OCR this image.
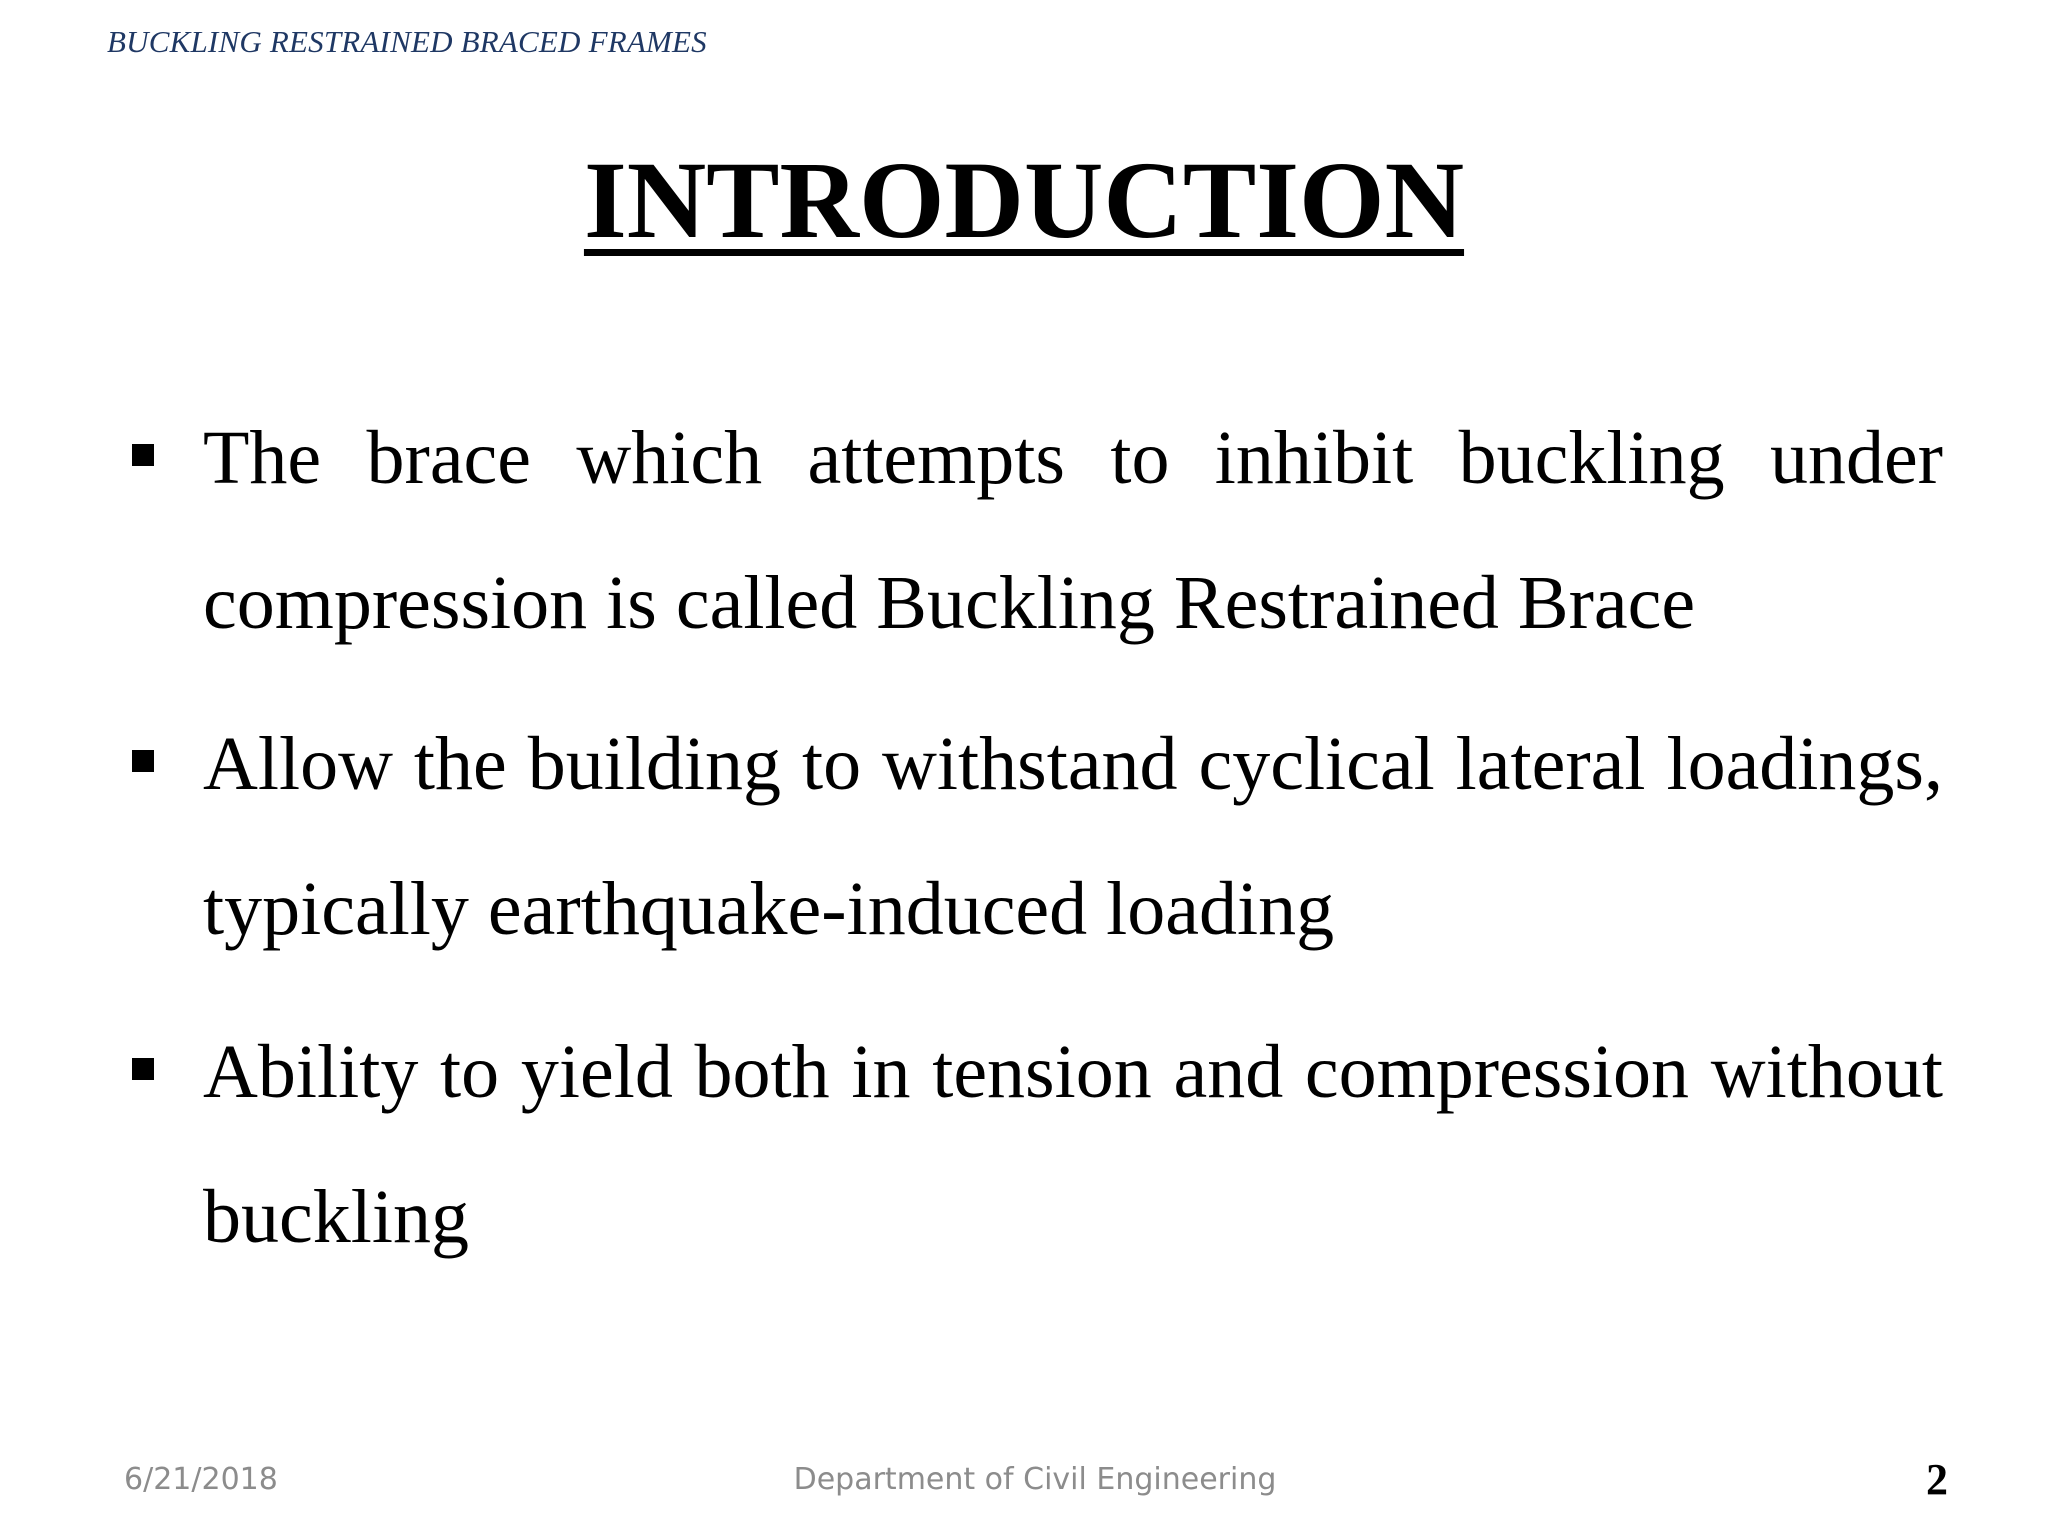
BUCKLING RESTRAINED BRACED FRAMES
INTRODUCTION
The brace which attempts to inhibit buckling under compression is called Buckling Restrained Brace
Allow the building to withstand cyclical lateral loadings, typically earthquake-induced loading
Ability to yield both in tension and compression without buckling
6/21/2018	Department of Civil Engineering	2
